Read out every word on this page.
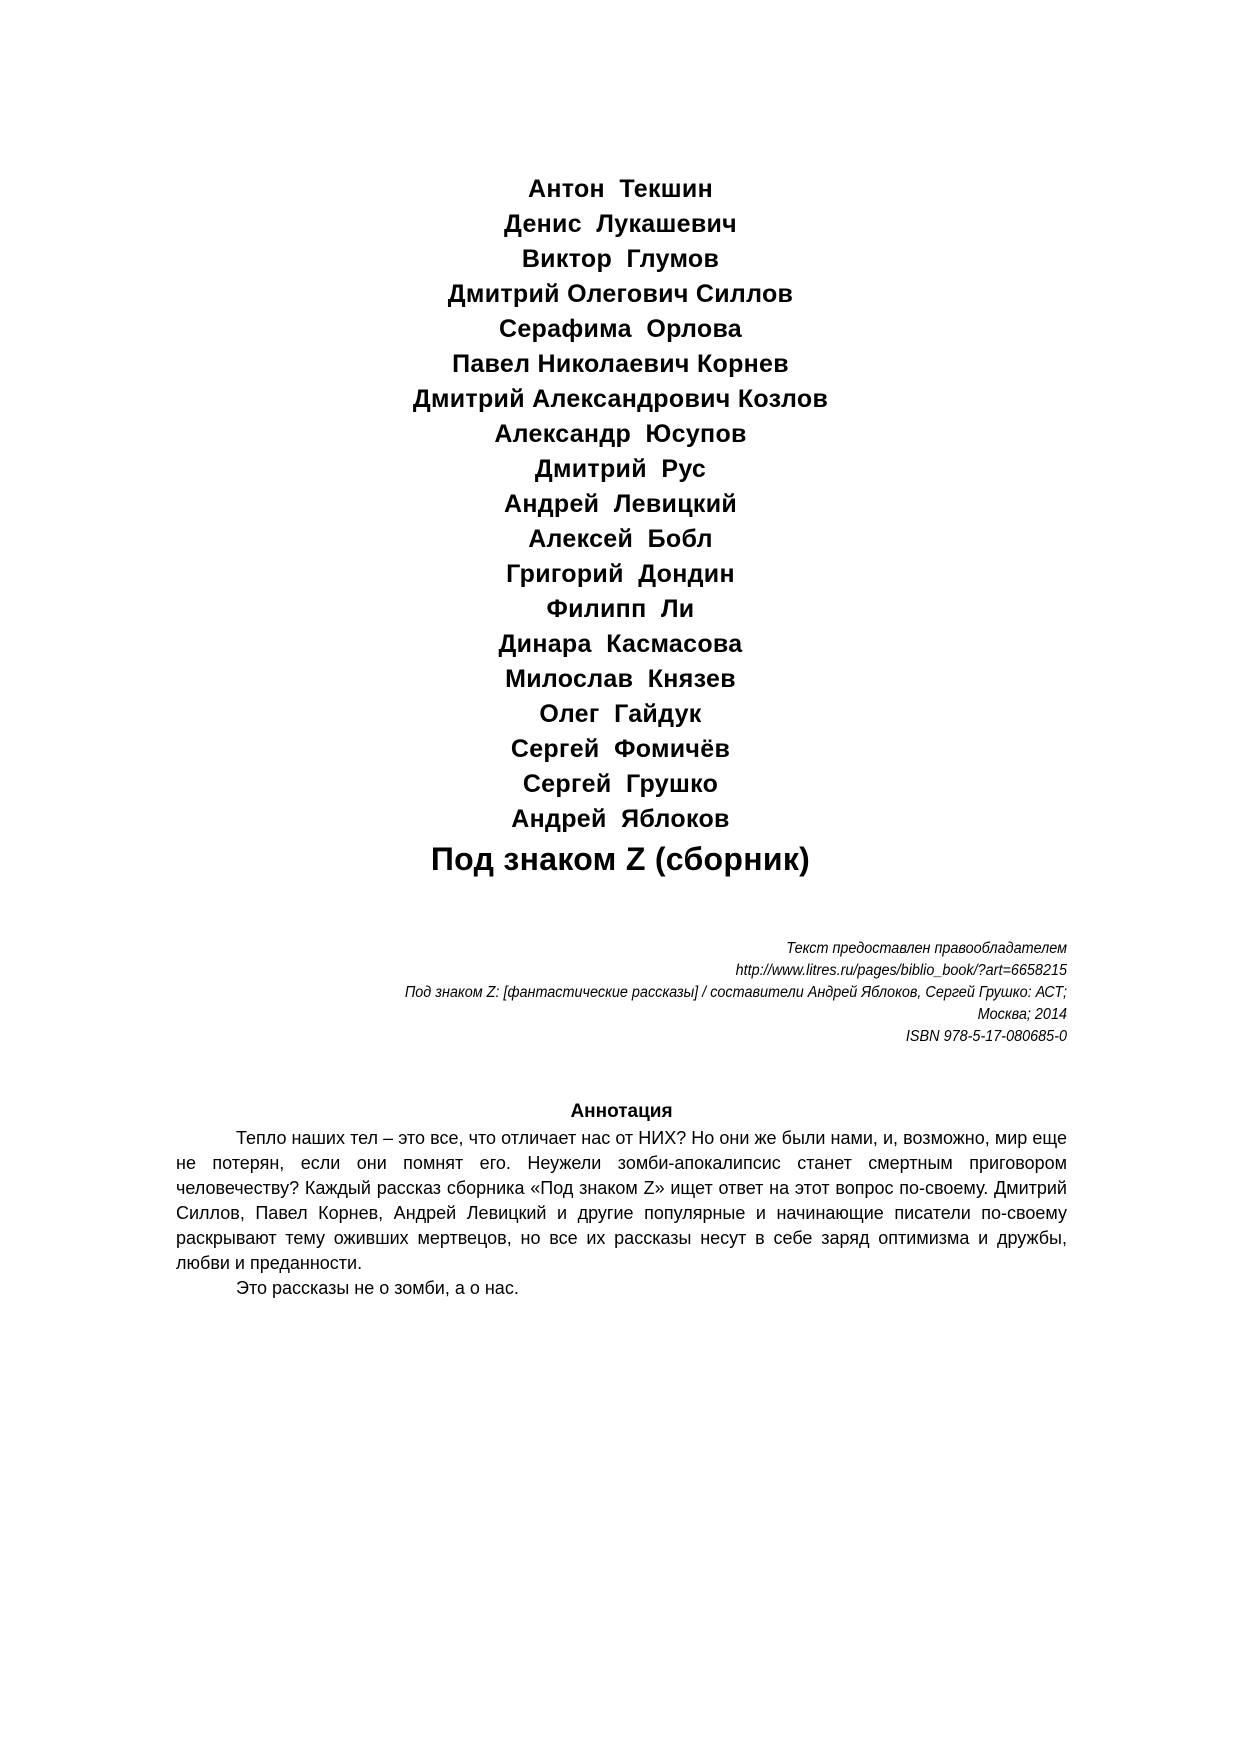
Антон  Текшин
Денис  Лукашевич
Виктор  Глумов
Дмитрий Олегович Силлов
Серафима  Орлова
Павел Николаевич Корнев
Дмитрий Александрович Козлов
Александр  Юсупов
Дмитрий  Рус
Андрей  Левицкий
Алексей  Бобл
Григорий  Дондин
Филипп  Ли
Динара  Касмасова
Милослав  Князев
Олег  Гайдук
Сергей  Фомичёв
Сергей  Грушко
Андрей  Яблоков
Под знаком Z (сборник)
Текст предоставлен правообладателем
http://www.litres.ru/pages/biblio_book/?art=6658215
Под знаком Z: [фантастические рассказы] / составители Андрей Яблоков, Сергей Грушко: АСТ;
Москва; 2014
ISBN 978-5-17-080685-0
Аннотация

Тепло наших тел – это все, что отличает нас от НИХ? Но они же были нами, и, возможно, мир еще не потерян, если они помнят его. Неужели зомби-апокалипсис станет смертным приговором человечеству? Каждый рассказ сборника «Под знаком Z» ищет ответ на этот вопрос по-своему. Дмитрий Силлов, Павел Корнев, Андрей Левицкий и другие популярные и начинающие писатели по-своему раскрывают тему оживших мертвецов, но все их рассказы несут в себе заряд оптимизма и дружбы, любви и преданности.

Это рассказы не о зомби, а о нас.
